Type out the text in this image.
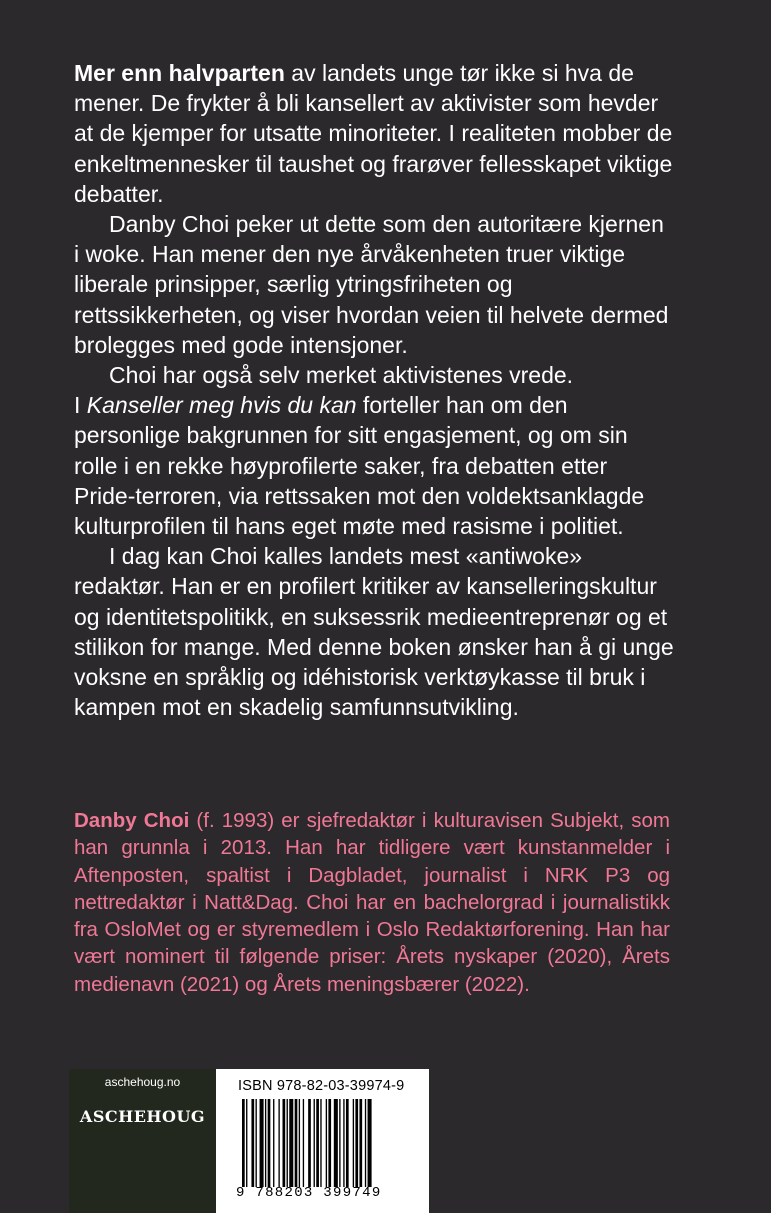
Mer enn halvparten av landets unge tør ikke si hva de mener. De frykter å bli kansellert av aktivister som hevder at de kjemper for utsatte minoriteter. I realiteten mobber de enkeltmennesker til taushet og frarøver fellesskapet viktige debatter.

Danby Choi peker ut dette som den autoritære kjernen i woke. Han mener den nye årvåkenheten truer viktige liberale prinsipper, særlig ytringsfriheten og rettssikkerheten, og viser hvordan veien til helvete dermed brolegges med gode intensjoner.

Choi har også selv merket aktivistenes vrede.

I Kanseller meg hvis du kan forteller han om den personlige bakgrunnen for sitt engasjement, og om sin rolle i en rekke høyprofilerte saker, fra debatten etter Pride-terroren, via rettssaken mot den voldektsanklagde kulturprofilen til hans eget møte med rasisme i politiet.

I dag kan Choi kalles landets mest «antiwoke» redaktør. Han er en profilert kritiker av kanselleringskultur og identitetspolitikk, en suksessrik medieentreprenør og et stilikon for mange. Med denne boken ønsker han å gi unge voksne en språklig og idéhistorisk verktøykasse til bruk i kampen mot en skadelig samfunnsutvikling.

Danby Choi (f. 1993) er sjefredaktør i kulturavisen Subjekt, som han grunnla i 2013. Han har tidligere vært kunstanmelder i Aftenposten, spaltist i Dagbladet, journalist i NRK P3 og nettredaktør i Natt&Dag. Choi har en bachelorgrad i journalistikk fra OsloMet og er styremedlem i Oslo Redaktørforening. Han har vært nominert til følgende priser: Årets nyskaper (2020), Årets medienavn (2021) og Årets meningsbærer (2022).
aschehoug.no
ASCHEHOUG
ISBN 978-82-03-39974-9
9 788203 399749
